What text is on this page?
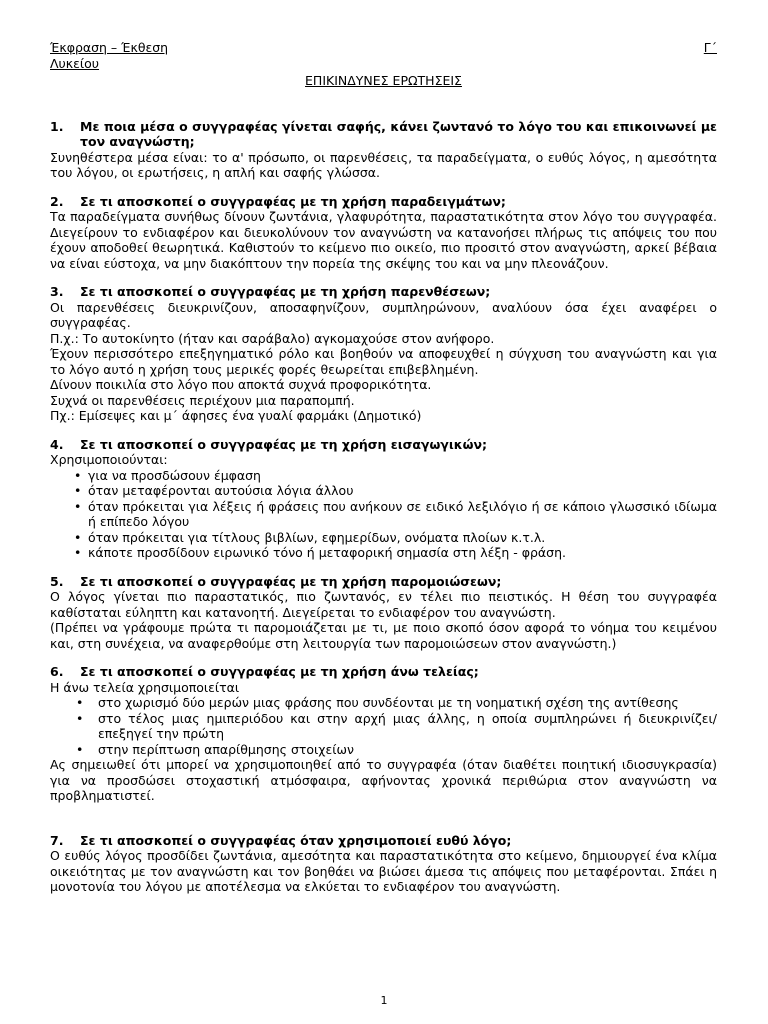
Έκφραση – Έκθεση
Λυκείου
Γ΄
ΕΠΙΚΙΝΔΥΝΕΣ ΕΡΩΤΗΣΕΙΣ
1.	Με ποια μέσα ο συγγραφέας γίνεται σαφής, κάνει ζωντανό το λόγο του και επικοινωνεί με τον αναγνώστη;

Συνηθέστερα μέσα είναι: το α' πρόσωπο, οι παρενθέσεις, τα παραδείγματα, ο ευθύς λόγος, η αμεσότητα του λόγου, οι ερωτήσεις, η απλή και σαφής γλώσσα.

2.	Σε τι αποσκοπεί ο συγγραφέας με τη χρήση παραδειγμάτων;

Τα παραδείγματα συνήθως δίνουν ζωντάνια, γλαφυρότητα, παραστατικότητα στον λόγο του συγγραφέα. Διεγείρουν το ενδιαφέρον και διευκολύνουν τον αναγνώστη να κατανοήσει πλήρως τις απόψεις του που έχουν αποδοθεί θεωρητικά. Καθιστούν το κείμενο πιο οικείο, πιο προσιτό στον αναγνώστη, αρκεί βέβαια να είναι εύστοχα, να μην διακόπτουν την πορεία της σκέψης του και να μην πλεονάζουν.

3.	Σε τι αποσκοπεί ο συγγραφέας με τη χρήση παρενθέσεων;

Οι παρενθέσεις διευκρινίζουν, αποσαφηνίζουν, συμπληρώνουν, αναλύουν όσα έχει αναφέρει ο συγγραφέας.

Π.χ.: Το αυτοκίνητο (ήταν και σαράβαλο) αγκομαχούσε στον ανήφορο.

Έχουν περισσότερο επεξηγηματικό ρόλο και βοηθούν να αποφευχθεί η σύγχυση του αναγνώστη και για το λόγο αυτό η χρήση τους μερικές φορές θεωρείται επιβεβλημένη.

Δίνουν ποικιλία στο λόγο που αποκτά συχνά προφορικότητα.

Συχνά οι παρενθέσεις περιέχουν μια παραπομπή.

Πχ.: Εμίσεψες και μ΄ άφησες ένα γυαλί φαρμάκι (Δημοτικό)

4.	Σε τι αποσκοπεί ο συγγραφέας με τη χρήση εισαγωγικών;

Χρησιμοποιούνται:

• για να προσδώσουν έμφαση
• όταν μεταφέρονται αυτούσια λόγια άλλου
• όταν πρόκειται για λέξεις ή φράσεις που ανήκουν σε ειδικό λεξιλόγιο ή σε κάποιο γλωσσικό ιδίωμα ή επίπεδο λόγου
• όταν πρόκειται για τίτλους βιβλίων, εφημερίδων, ονόματα πλοίων κ.τ.λ.
• κάποτε προσδίδουν ειρωνικό τόνο ή μεταφορική σημασία στη λέξη - φράση.
5.	Σε τι αποσκοπεί ο συγγραφέας με τη χρήση παρομοιώσεων;

Ο λόγος γίνεται πιο παραστατικός, πιο ζωντανός, εν τέλει πιο πειστικός. Η θέση του συγγραφέα καθίσταται εύληπτη και κατανοητή. Διεγείρεται το ενδιαφέρον του αναγνώστη.

(Πρέπει να γράφουμε πρώτα τι παρομοιάζεται με τι, με ποιο σκοπό όσον αφορά το νόημα του κειμένου και, στη συνέχεια, να αναφερθούμε στη λειτουργία των παρομοιώσεων στον αναγνώστη.)

6.	Σε τι αποσκοπεί ο συγγραφέας με τη χρήση άνω τελείας;

Η άνω τελεία χρησιμοποιείται

• στο χωρισμό δύο μερών μιας φράσης που συνδέονται με τη νοηματική σχέση της αντίθεσης
• στο τέλος μιας ημιπεριόδου και στην αρχή μιας άλλης, η οποία συμπληρώνει ή διευκρινίζει/επεξηγεί την πρώτη
• στην περίπτωση απαρίθμησης στοιχείων

Ας σημειωθεί ότι μπορεί να χρησιμοποιηθεί από το συγγραφέα (όταν διαθέτει ποιητική ιδιοσυγκρασία) για να προσδώσει στοχαστική ατμόσφαιρα, αφήνοντας χρονικά περιθώρια στον αναγνώστη να προβληματιστεί.

7.	Σε τι αποσκοπεί ο συγγραφέας όταν χρησιμοποιεί ευθύ λόγο;

Ο ευθύς λόγος προσδίδει ζωντάνια, αμεσότητα και παραστατικότητα στο κείμενο, δημιουργεί ένα κλίμα οικειότητας με τον αναγνώστη και τον βοηθάει να βιώσει άμεσα τις απόψεις που μεταφέρονται. Σπάει η μονοτονία του λόγου με αποτέλεσμα να ελκύεται το ενδιαφέρον του αναγνώστη.

1
